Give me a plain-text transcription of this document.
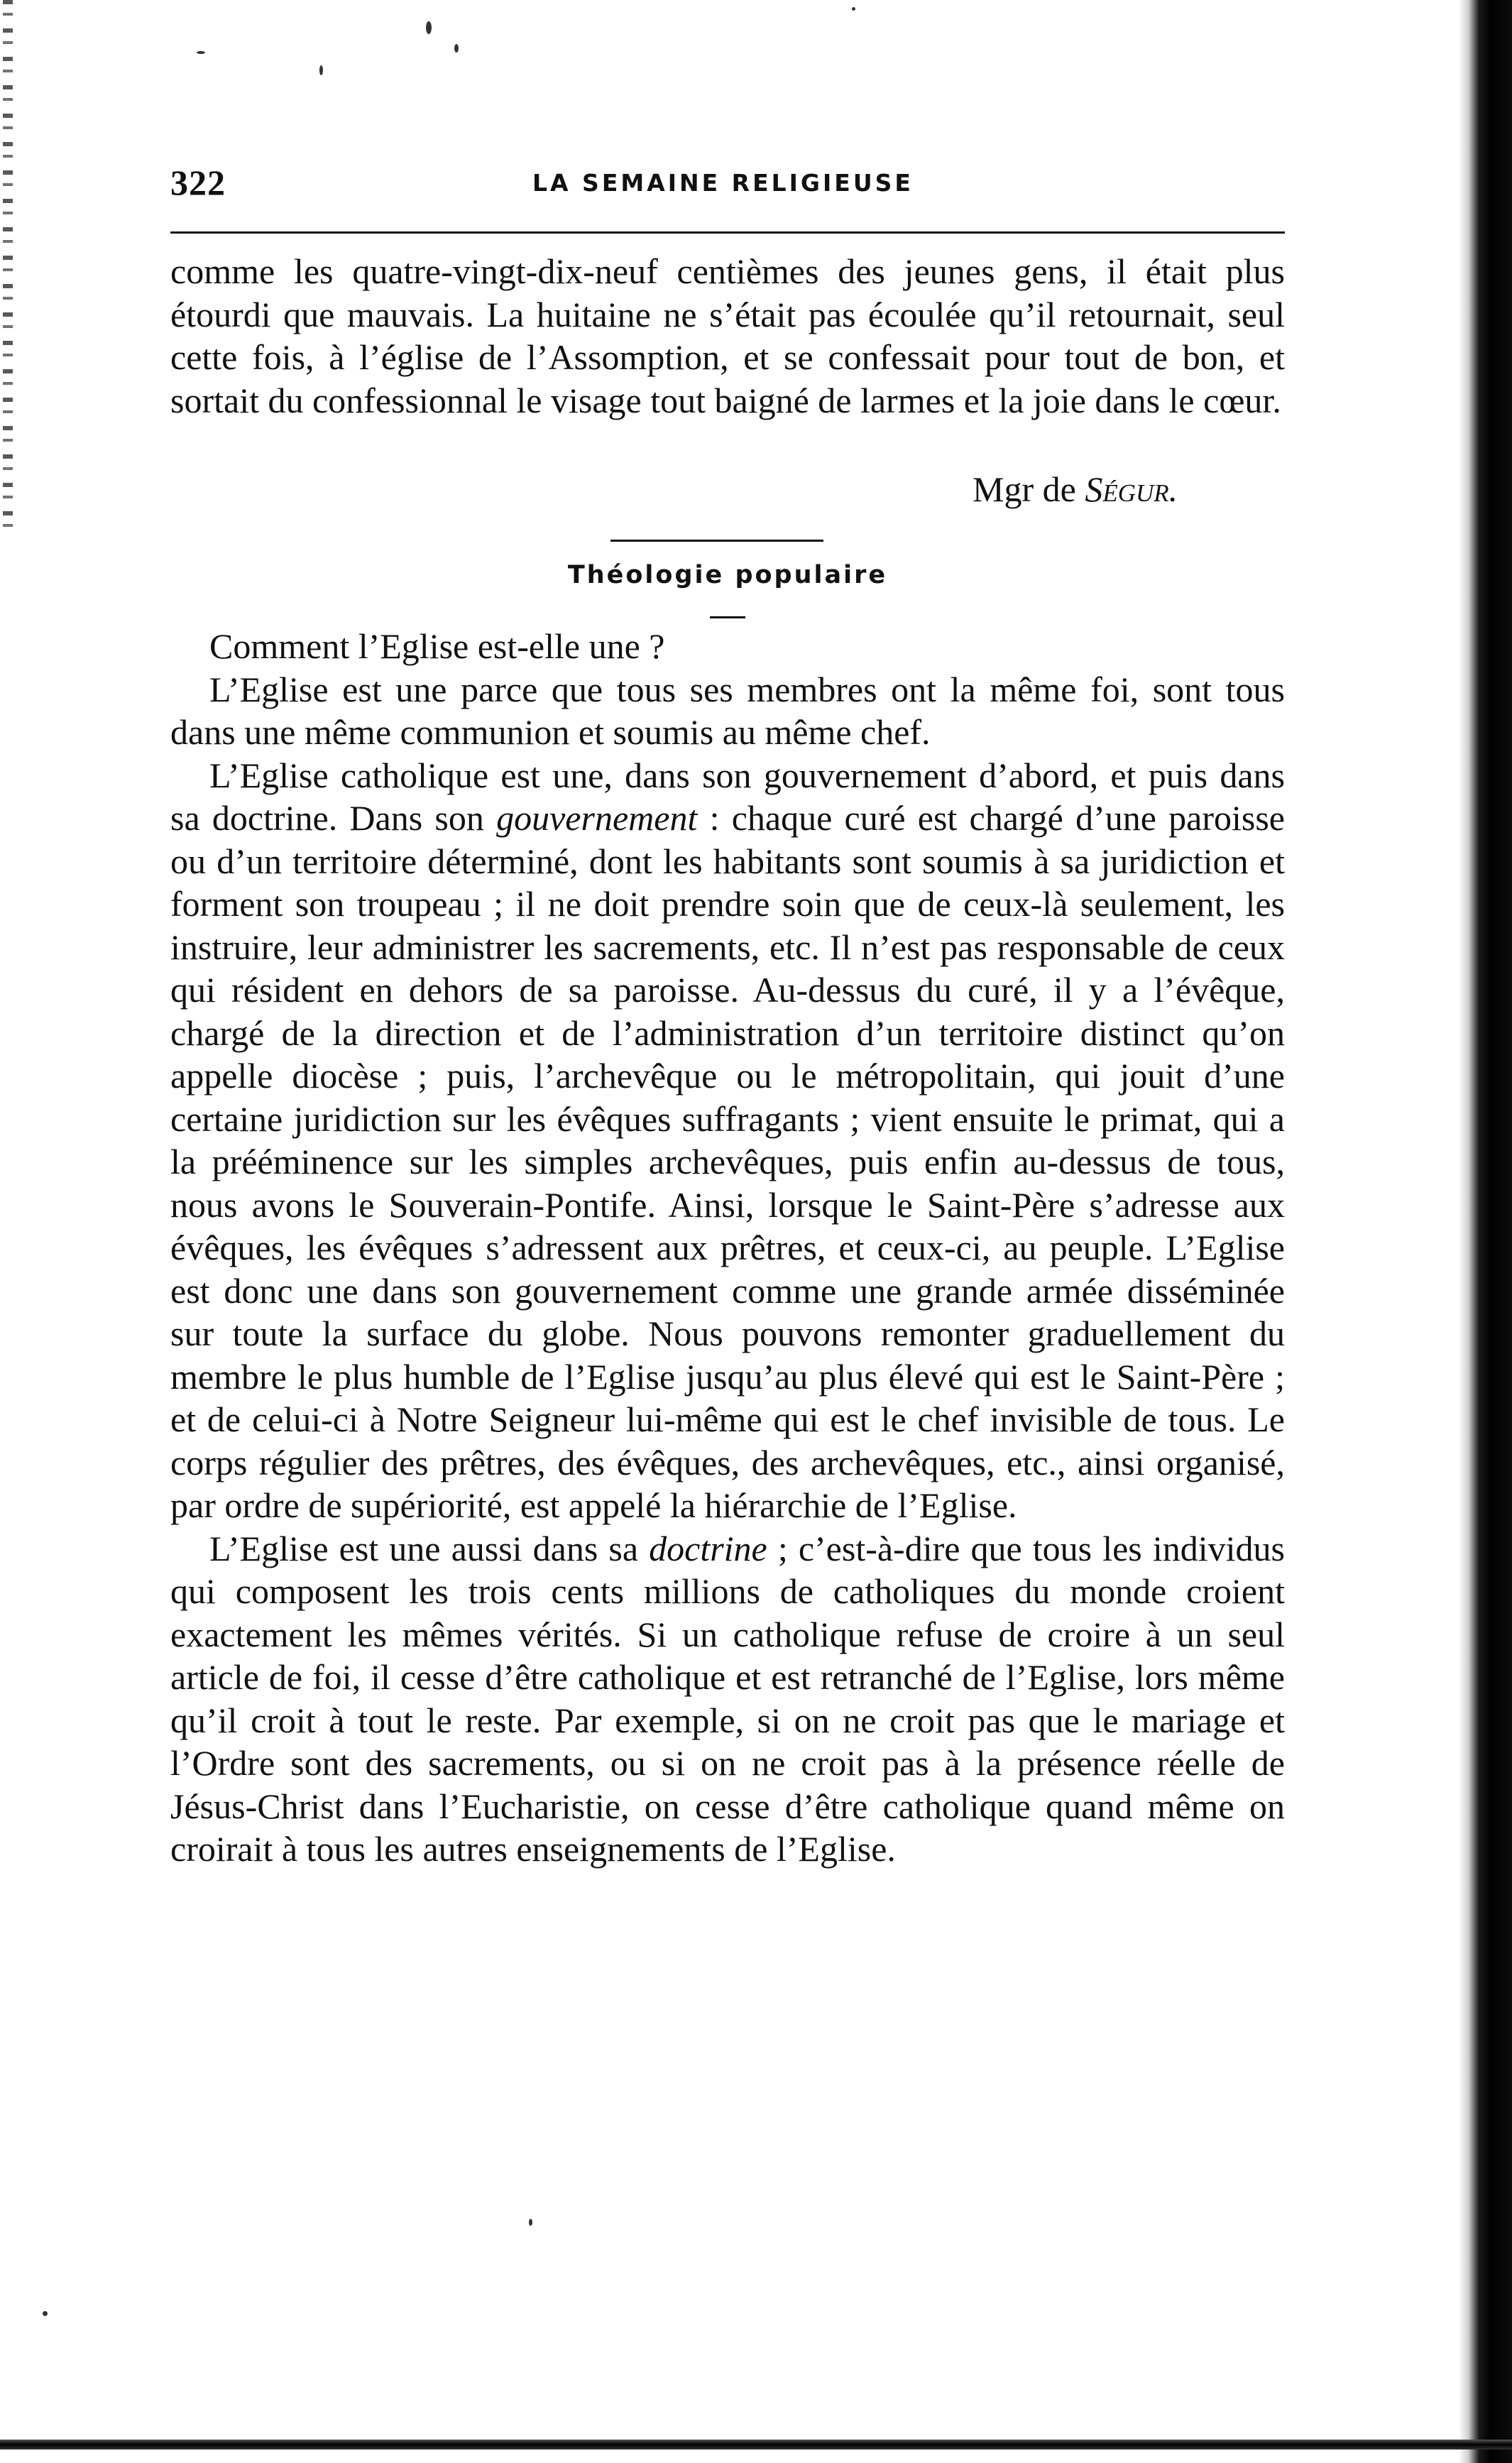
322	LA SEMAINE RELIGIEUSE

comme les quatre-vingt-dix-neuf centièmes des jeunes gens, il était plus étourdi que mauvais. La huitaine ne s’était pas écoulée qu’il retournait, seul cette fois, à l’église de l’Assomption, et se confessait pour tout de bon, et sortait du confessionnal le visage tout baigné de larmes et la joie dans le cœur.

Mgr de Ségur.
Théologie populaire

Comment l’Eglise est-elle une ?

L’Eglise est une parce que tous ses membres ont la même foi, sont tous dans une même communion et soumis au même chef.

L’Eglise catholique est une, dans son gouvernement d’abord, et puis dans sa doctrine. Dans son gouvernement : chaque curé est chargé d’une paroisse ou d’un territoire déterminé, dont les habitants sont soumis à sa juridiction et forment son troupeau ; il ne doit prendre soin que de ceux-là seulement, les instruire, leur administrer les sacrements, etc. Il n’est pas responsable de ceux qui résident en dehors de sa paroisse. Au-dessus du curé, il y a l’évêque, chargé de la direction et de l’administration d’un territoire distinct qu’on appelle diocèse ; puis, l’archevêque ou le métropolitain, qui jouit d’une certaine juridiction sur les évêques suffragants ; vient ensuite le primat, qui a la prééminence sur les simples archevêques, puis enfin au-dessus de tous, nous avons le Souverain-Pontife. Ainsi, lorsque le Saint-Père s’adresse aux évêques, les évêques s’adressent aux prêtres, et ceux-ci, au peuple. L’Eglise est donc une dans son gouvernement comme une grande armée disséminée sur toute la surface du globe. Nous pouvons remonter graduellement du membre le plus humble de l’Eglise jusqu’au plus élevé qui est le Saint-Père ; et de celui-ci à Notre Seigneur lui-même qui est le chef invisible de tous. Le corps régulier des prêtres, des évêques, des archevêques, etc., ainsi organisé, par ordre de supériorité, est appelé la hiérarchie de l’Eglise.

L’Eglise est une aussi dans sa doctrine ; c’est-à-dire que tous les individus qui composent les trois cents millions de catholiques du monde croient exactement les mêmes vérités. Si un catholique refuse de croire à un seul article de foi, il cesse d’être catholique et est retranché de l’Eglise, lors même qu’il croit à tout le reste. Par exemple, si on ne croit pas que le mariage et l’Ordre sont des sacrements, ou si on ne croit pas à la présence réelle de Jésus-Christ dans l’Eucharistie, on cesse d’être catholique quand même on croirait à tous les autres enseignements de l’Eglise.
